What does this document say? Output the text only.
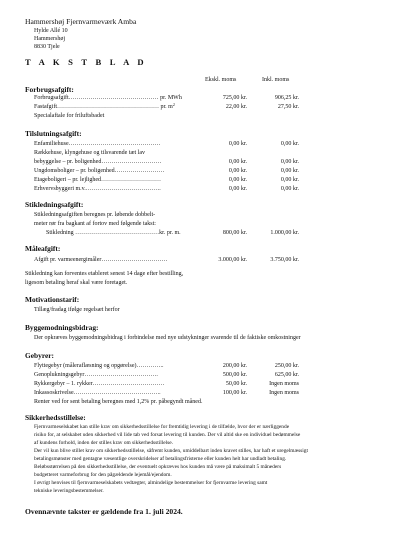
Hammershøj Fjernvarmeværk Amba
Hylde Allé 10
Hammershøj
8830 Tjele
T A K S T B L A D
Ekskl. moms	Inkl. moms
Forbrugsafgift:
Forbrugsafgift……………………………………… pr. MWh	725,00 kr.	906,25 kr.
Fastafgift…………………………………………… pr. $m^2$	22,00 kr.	27,50 kr.
Specialaftale for friluftsbadet
Tilslutningsafgift:
Enfamiliehuse……………………………………….	0,00 kr.	0,00 kr.
Rækkehuse, klyngehuse og tilsvarende tæt lav
bebyggelse – pr. boligenhed…………………………	0,00 kr.	0,00 kr.
Ungdomsboliger – pr. boligenhed…………………….	0,00 kr.	0,00 kr.
Etageboligeri – pr. lejlighed…………………………	0,00 kr.	0,00 kr.
Erhvervsbyggeri m.v.………………………………..	0,00 kr.	0,00 kr.
Stikledningsafgift:
Stikledningsafgiften beregnes pr. løbende dobbelt-
meter rør fra bagkant af fortov med følgende takst:
Stikledning ……………………………………kr. pr. m.	800,00 kr.	1.000,00 kr.
Måleafgift:
Afgift pr. varmeenergimåler……………………………	3.000,00 kr.	3.750,00 kr.
Stikledning kan forventes etableret senest 14 dage efter bestilling,
ligesom betaling heraf skal være foretaget.
Motivationstarif:
Tillæg/fradag ifølge regelsæt herfor
Byggemodningsbidrag:
Der opkræves byggemodningsbidrag i forbindelse med nye udstykninger svarende til de faktiske omkostninger
Gebyrer:
Flyttegebyr (måleraflæsning og opgørelse)…………..	200,00 kr.	250,00 kr.
Genoplukningsgebyr……………………………….	500,00 kr.	625,00 kr.
Rykkergebyr – 1. rykker………………………………	50,00 kr.	Ingen moms
Inkassoskrivelse……………………………………..	100,00 kr.	Ingen moms
Renter ved for sent betaling beregnes med 1,2% pr. påbegyndt måned.
Sikkerhedsstillelse:
Fjernvarmeselskabet kan stille krav om sikkerhedsstillelse for fremtidig levering i de tilfælde, hvor der er nærliggende
risiko for, at selskabet uden sikkerhed vil lide tab ved forsat levering til kunden. Der vil altid ske en individuel bedømmelse
af kundens forhold, inden der stilles krav om sikkerhedsstillelse.
Der vil kun blive stillet krav om sikkerhedsstillelse, såfremt kunden, umiddelbart inden kravet stilles, har haft et uregelmæssigt
betalingsmønster med gentagne væsentlige overskridelser af betalingsfristerne eller kunden helt har undladt betaling.
Beløbsstørrelsen på den sikkerhedsstillelse, der eventuelt opkræves hos kunden må være på maksimalt 5 måneders
budgetteret varmeforbrug for den pågældende lejemål/ejendom.
I øvrigt henvises til fjernvarmeselskabets vedtægter, almindelige bestemmelser for fjernvarme levering samt
tekniske leveringsbestemmelser.
Ovennævnte takster er gældende fra 1. juli 2024.
